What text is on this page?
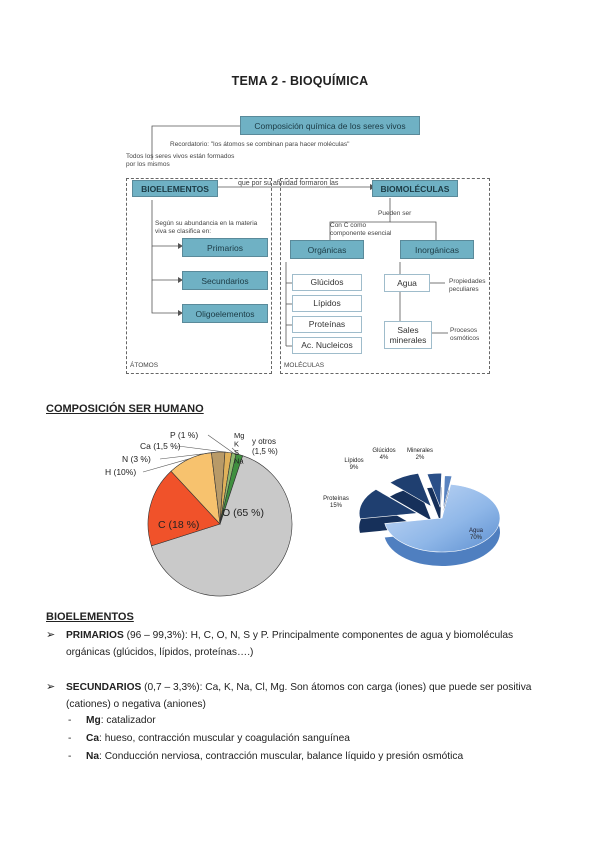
TEMA 2 - BIOQUÍMICA
Composición química de los seres vivos
Recordatorio: "los átomos se combinan para hacer moléculas"
Todos los seres vivos están formados por los mismos
BIOELEMENTOS	que por su afinidad formaron las	BIOMOLÉCULAS
Pueden ser
Según su abundancia en la materia viva se clasifica en:
Primarios
Secundarios
Oligoelementos
ÁTOMOS
Con C como componente esencial
Orgánicas	Inorgánicas
Glúcidos
Lípidos
Proteínas
Ac. Nucleicos
Agua	Propiedades peculiares
Sales minerales
Procesos osmóticos
MOLÉCULAS
COMPOSICIÓN SER HUMANO
O (65 %)
C (18 %)
H (10%)
N (3 %)
Ca (1,5 %)
P (1 %)	Mg
K
S
Na
y otros
(1,5 %)
Agua
70%
Proteínas
15%
Lípidos
9%
Glúcidos
4%
Minerales
2%
BIOELEMENTOS
➢ PRIMARIOS (96 – 99,3%): H, C, O, N, S y P. Principalmente componentes de agua y biomoléculas
orgánicas (glúcidos, lípidos, proteínas….)
➢ SECUNDARIOS (0,7 – 3,3%): Ca, K, Na, Cl, Mg. Son átomos con carga (iones) que puede ser positiva
(cationes) o negativa (aniones)
- Mg: catalizador
- Ca: hueso, contracción muscular y coagulación sanguínea
- Na: Conducción nerviosa, contracción muscular, balance líquido y presión osmótica
